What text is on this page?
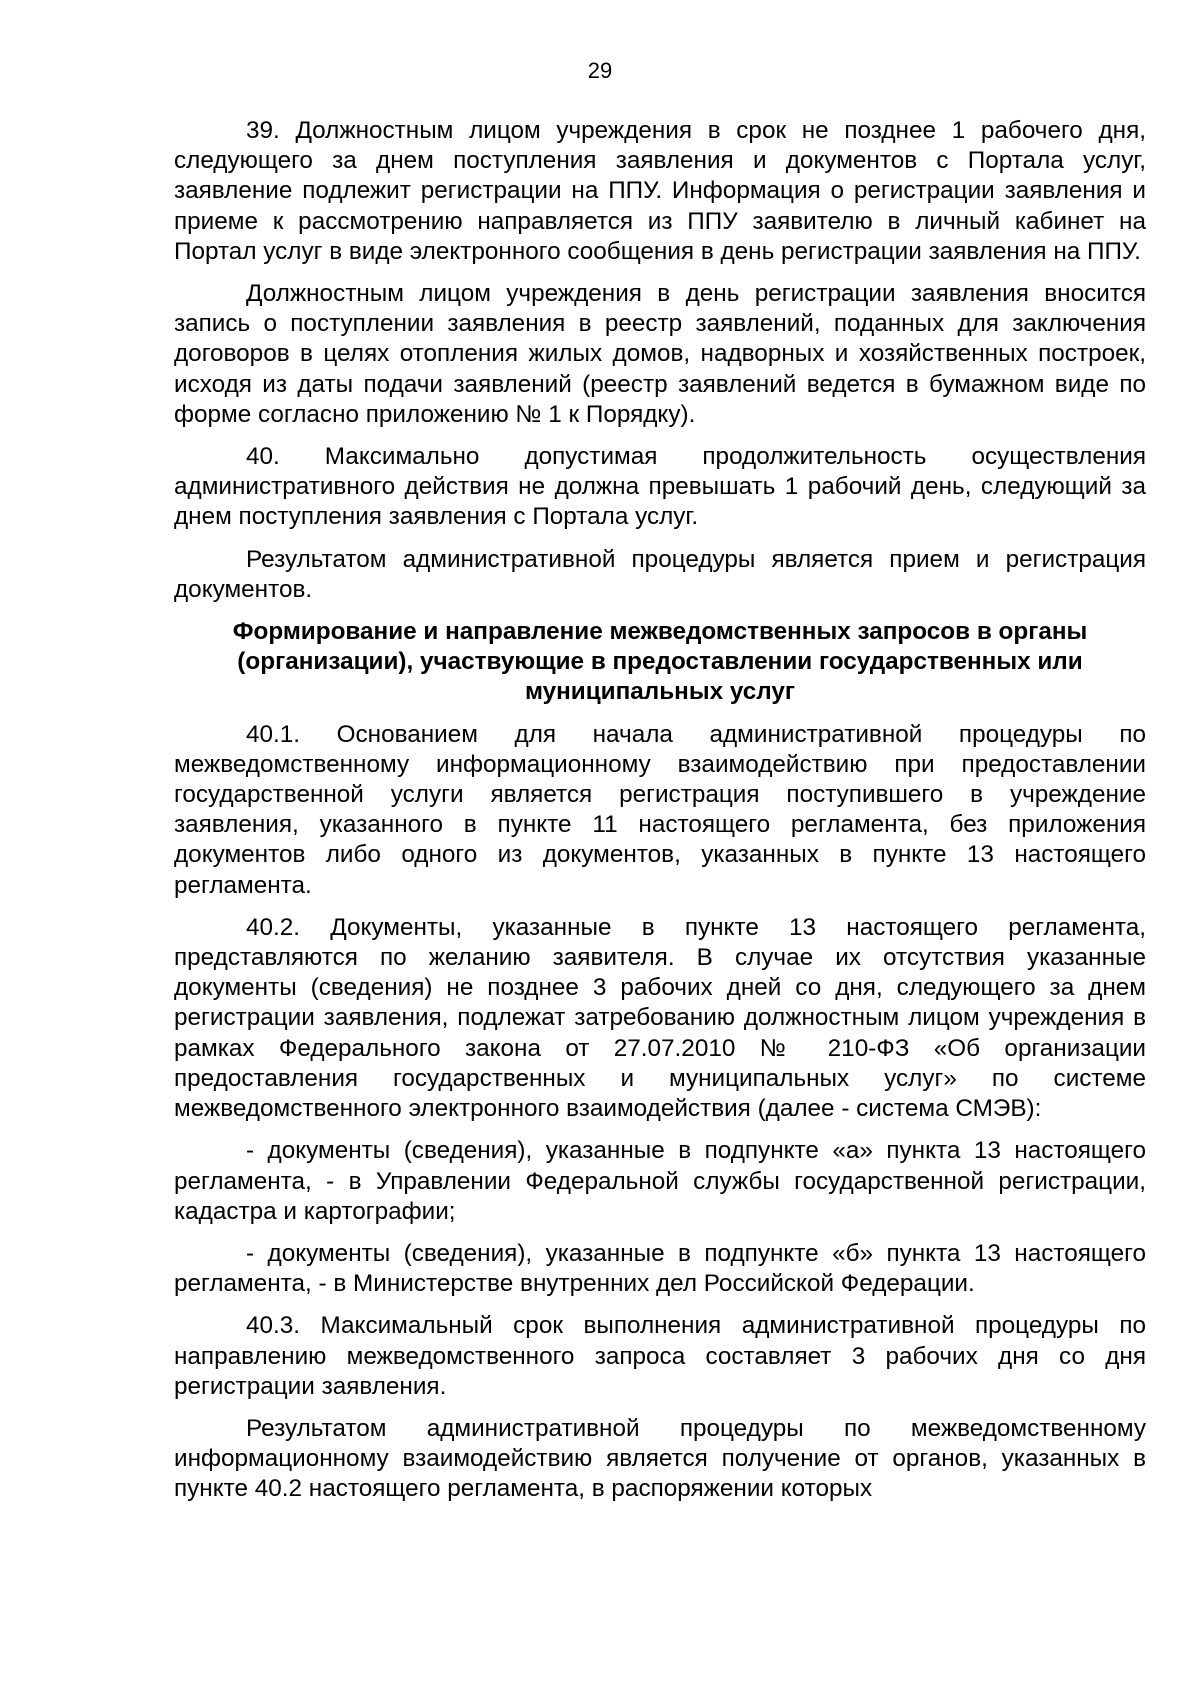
29

39. Должностным лицом учреждения в срок не позднее 1 рабочего дня, следующего за днем поступления заявления и документов с Портала услуг, заявление подлежит регистрации на ППУ. Информация о регистрации заявления и приеме к рассмотрению направляется из ППУ заявителю в личный кабинет на Портал услуг в виде электронного сообщения в день регистрации заявления на ППУ.

Должностным лицом учреждения в день регистрации заявления вносится запись о поступлении заявления в реестр заявлений, поданных для заключения договоров в целях отопления жилых домов, надворных и хозяйственных построек, исходя из даты подачи заявлений (реестр заявлений ведется в бумажном виде по форме согласно приложению № 1 к Порядку).

40. Максимально допустимая продолжительность осуществления административного действия не должна превышать 1 рабочий день, следующий за днем поступления заявления с Портала услуг.

Результатом административной процедуры является прием и регистрация документов.

Формирование и направление межведомственных запросов в органы (организации), участвующие в предоставлении государственных или муниципальных услуг

40.1. Основанием для начала административной процедуры по межведомственному информационному взаимодействию при предоставлении государственной услуги является регистрация поступившего в учреждение заявления, указанного в пункте 11 настоящего регламента, без приложения документов либо одного из документов, указанных в пункте 13 настоящего регламента.

40.2. Документы, указанные в пункте 13 настоящего регламента, представляются по желанию заявителя. В случае их отсутствия указанные документы (сведения) не позднее 3 рабочих дней со дня, следующего за днем регистрации заявления, подлежат затребованию должностным лицом учреждения в рамках Федерального закона от 27.07.2010 № 210-ФЗ «Об организации предоставления государственных и муниципальных услуг» по системе межведомственного электронного взаимодействия (далее - система СМЭВ):

- документы (сведения), указанные в подпункте «а» пункта 13 настоящего регламента, - в Управлении Федеральной службы государственной регистрации, кадастра и картографии;

- документы (сведения), указанные в подпункте «б» пункта 13 настоящего регламента, - в Министерстве внутренних дел Российской Федерации.

40.3. Максимальный срок выполнения административной процедуры по направлению межведомственного запроса составляет 3 рабочих дня со дня регистрации заявления.

Результатом административной процедуры по межведомственному информационному взаимодействию является получение от органов, указанных в пункте 40.2 настоящего регламента, в распоряжении которых
